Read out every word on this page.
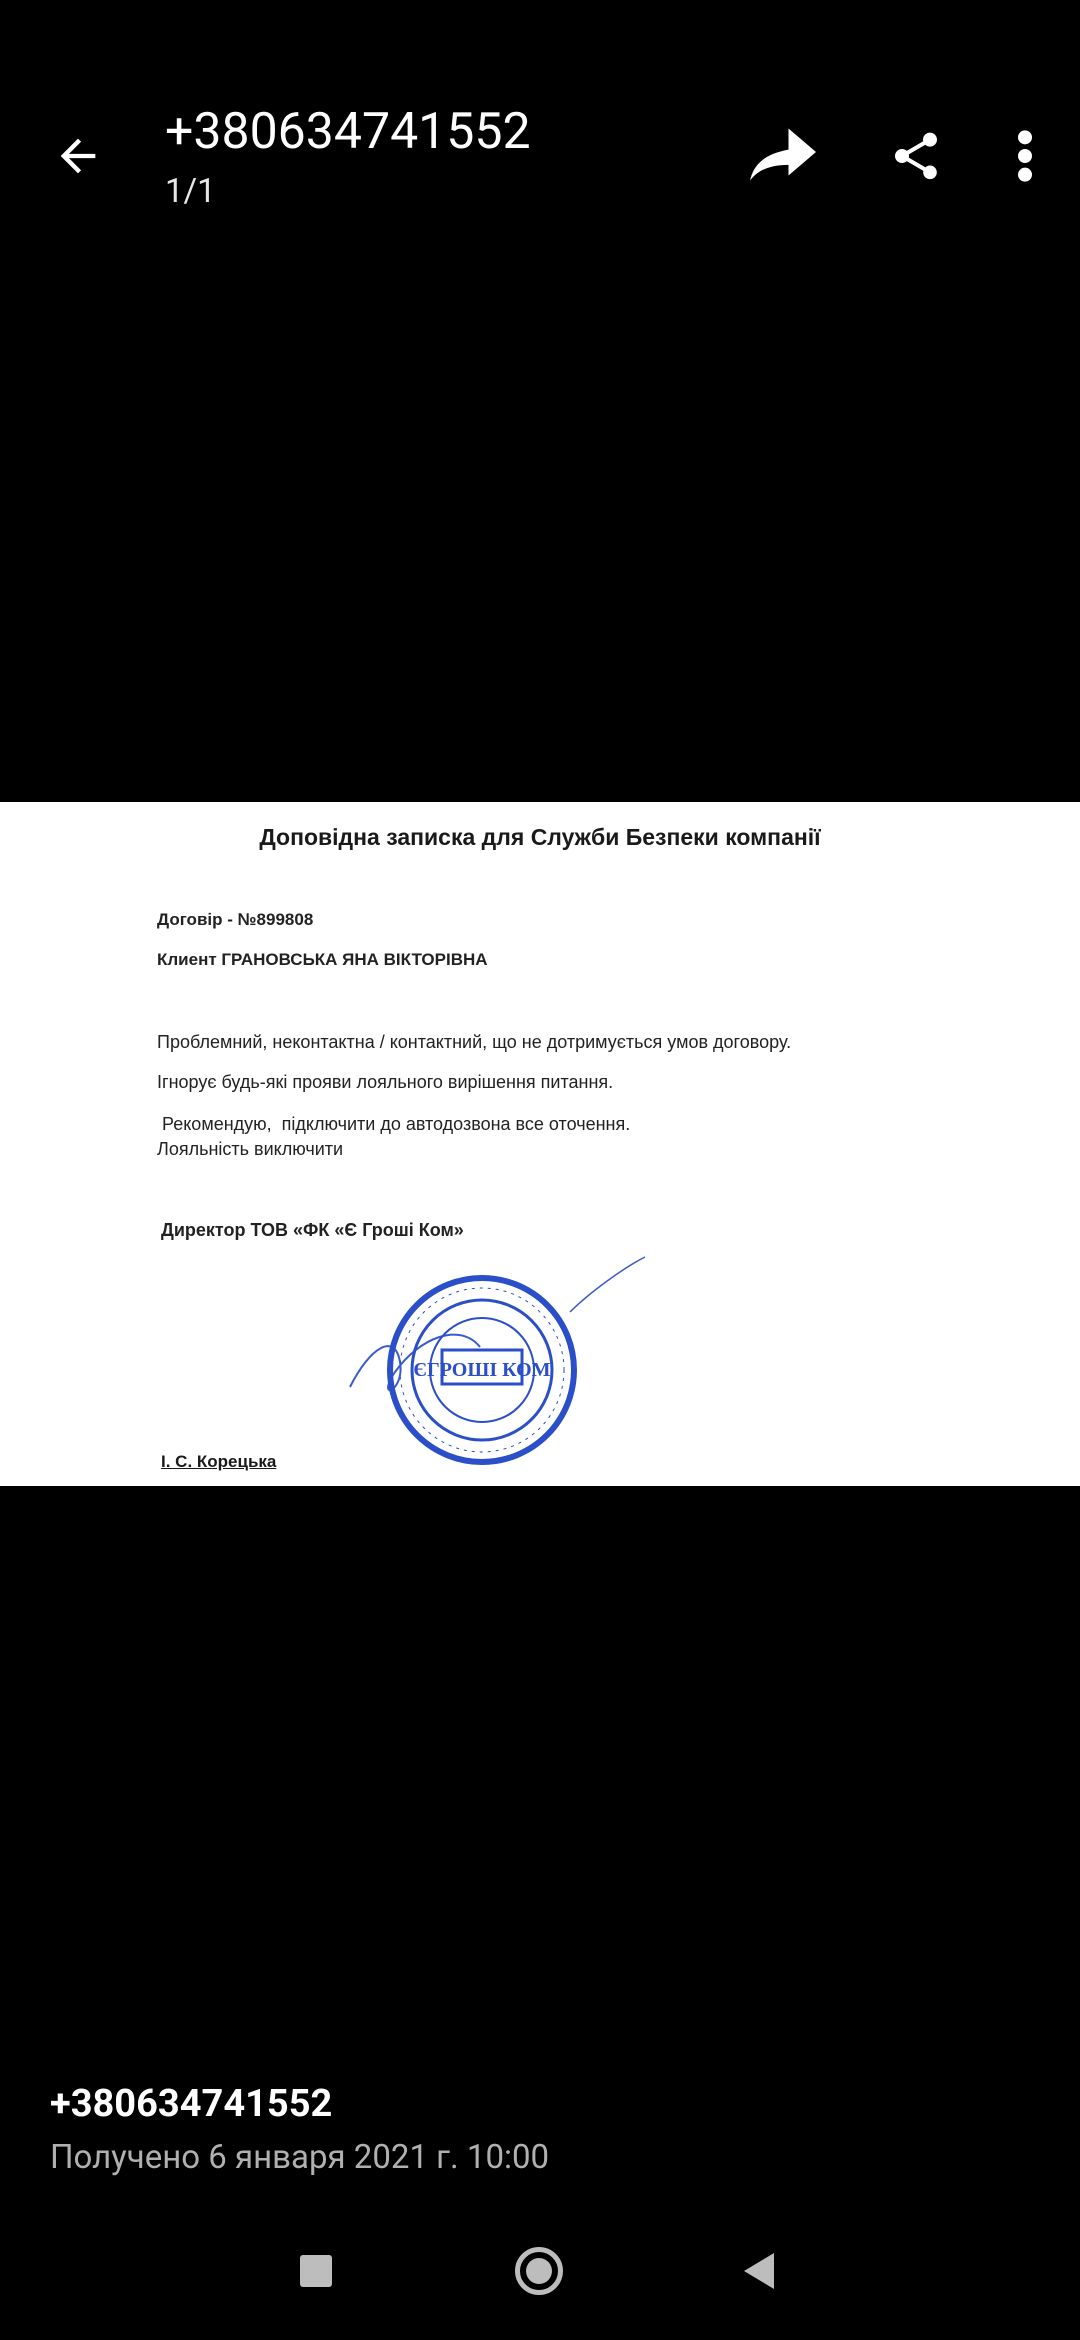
+380634741552
1/1
Доповідна записка для Служби Безпеки компанії
Договір - №899808
Клиент ГРАНОВСЬКА ЯНА ВІКТОРІВНА
Проблемний, неконтактна / контактний, що не дотримується умов договору.
Ігнорує будь-які прояви лояльного вирішення питання.
Рекомендую,  підключити до автодозвона все оточення.
Лояльність виключити
Директор ТОВ «ФК «Є Гроші Ком»
ЄГРОШІ КОМ
І. С. Корецька
+380634741552
Получено 6 января 2021 г. 10:00
